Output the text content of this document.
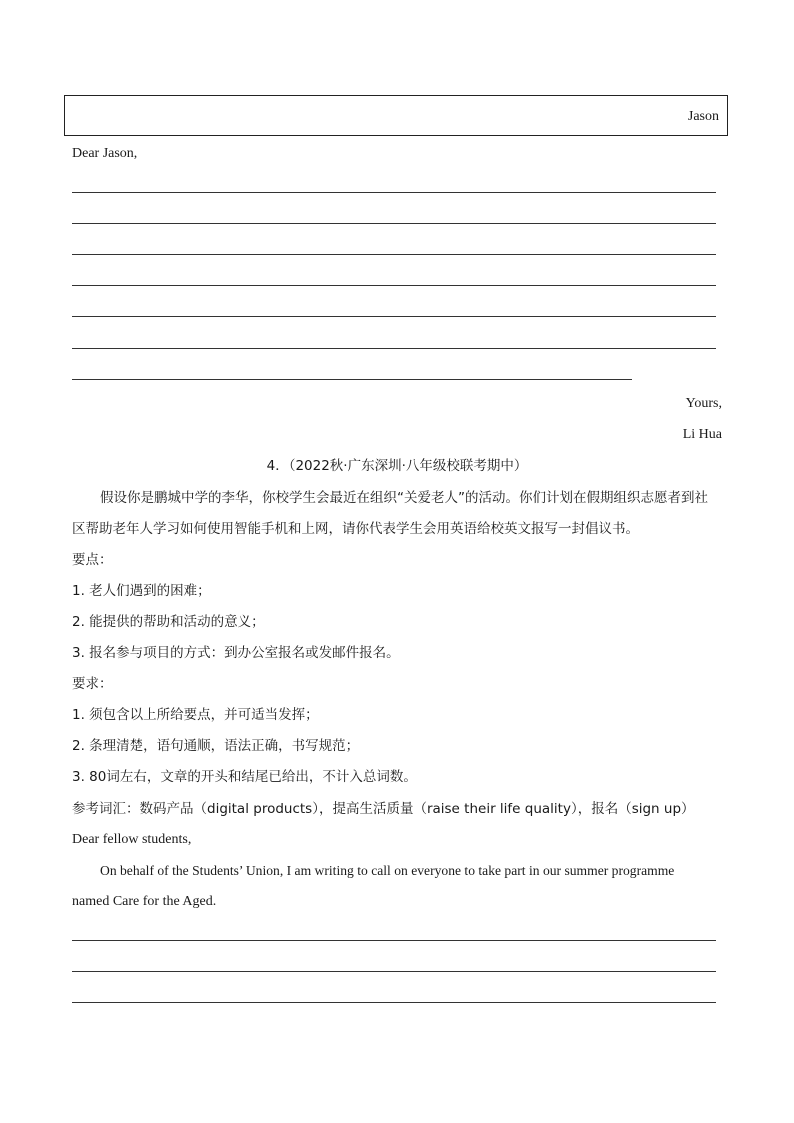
Jason
Dear Jason,
Yours,
Li Hua
4．（2022秋·广东深圳·八年级校联考期中）
假设你是鹏城中学的李华，你校学生会最近在组织“关爱老人”的活动。你们计划在假期组织志愿者到社
区帮助老年人学习如何使用智能手机和上网，请你代表学生会用英语给校英文报写一封倡议书。
要点：
1. 老人们遇到的困难；
2. 能提供的帮助和活动的意义；
3. 报名参与项目的方式：到办公室报名或发邮件报名。
要求：
1. 须包含以上所给要点，并可适当发挥；
2. 条理清楚，语句通顺，语法正确，书写规范；
3. 80词左右，文章的开头和结尾已给出，不计入总词数。
参考词汇：数码产品（digital products），提高生活质量（raise their life quality），报名（sign up）
Dear fellow students,
On behalf of the Students’ Union, I am writing to call on everyone to take part in our summer programme
named Care for the Aged.
